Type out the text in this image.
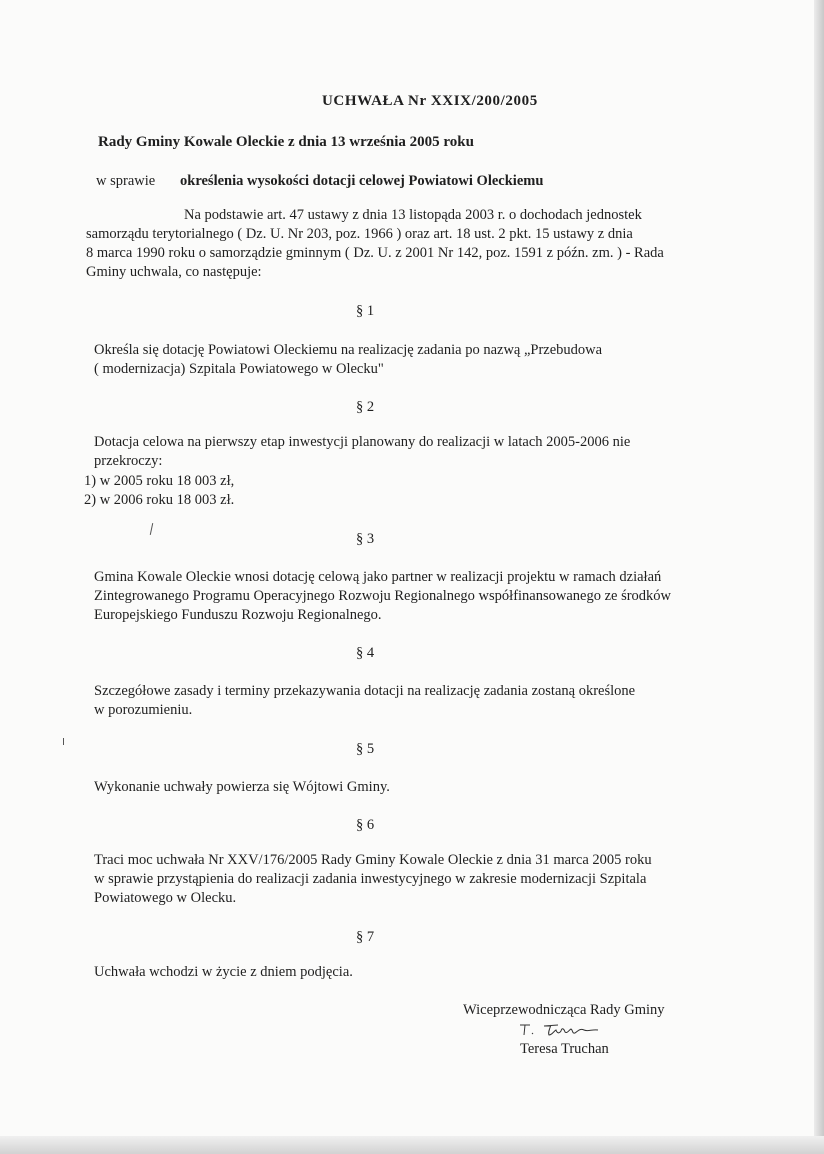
UCHWAŁA Nr XXIX/200/2005
Rady Gminy Kowale Oleckie z dnia 13 września 2005 roku
w sprawie określenia wysokości dotacji celowej Powiatowi Oleckiemu
Na podstawie art. 47 ustawy z dnia 13 listopąda 2003 r. o dochodach jednostek
samorządu terytorialnego ( Dz. U. Nr 203, poz. 1966 ) oraz art. 18 ust. 2 pkt. 15 ustawy z dnia
8 marca 1990 roku o samorządzie gminnym ( Dz. U. z 2001 Nr 142, poz. 1591 z późn. zm. ) - Rada
Gminy uchwala, co następuje:
§ 1
Określa się dotację Powiatowi Oleckiemu na realizację zadania po nazwą „Przebudowa
( modernizacja) Szpitala Powiatowego w Olecku"
§ 2
Dotacja celowa na pierwszy etap inwestycji planowany do realizacji w latach 2005-2006 nie
przekroczy:
1) w 2005 roku 18 003 zł,
2) w 2006 roku 18 003 zł.
§ 3
Gmina Kowale Oleckie wnosi dotację celową jako partner w realizacji projektu w ramach działań
Zintegrowanego Programu Operacyjnego Rozwoju Regionalnego współfinansowanego ze środków
Europejskiego Funduszu Rozwoju Regionalnego.
§ 4
Szczegółowe zasady i terminy przekazywania dotacji na realizację zadania zostaną określone
w porozumieniu.
§ 5
Wykonanie uchwały powierza się Wójtowi Gminy.
§ 6
Traci moc uchwała Nr XXV/176/2005 Rady Gminy Kowale Oleckie z dnia 31 marca 2005 roku
w sprawie przystąpienia do realizacji zadania inwestycyjnego w zakresie modernizacji Szpitala
Powiatowego w Olecku.
§ 7
Uchwała wchodzi w życie z dniem podjęcia.
Wiceprzewodnicząca Rady Gminy
Teresa Truchan
